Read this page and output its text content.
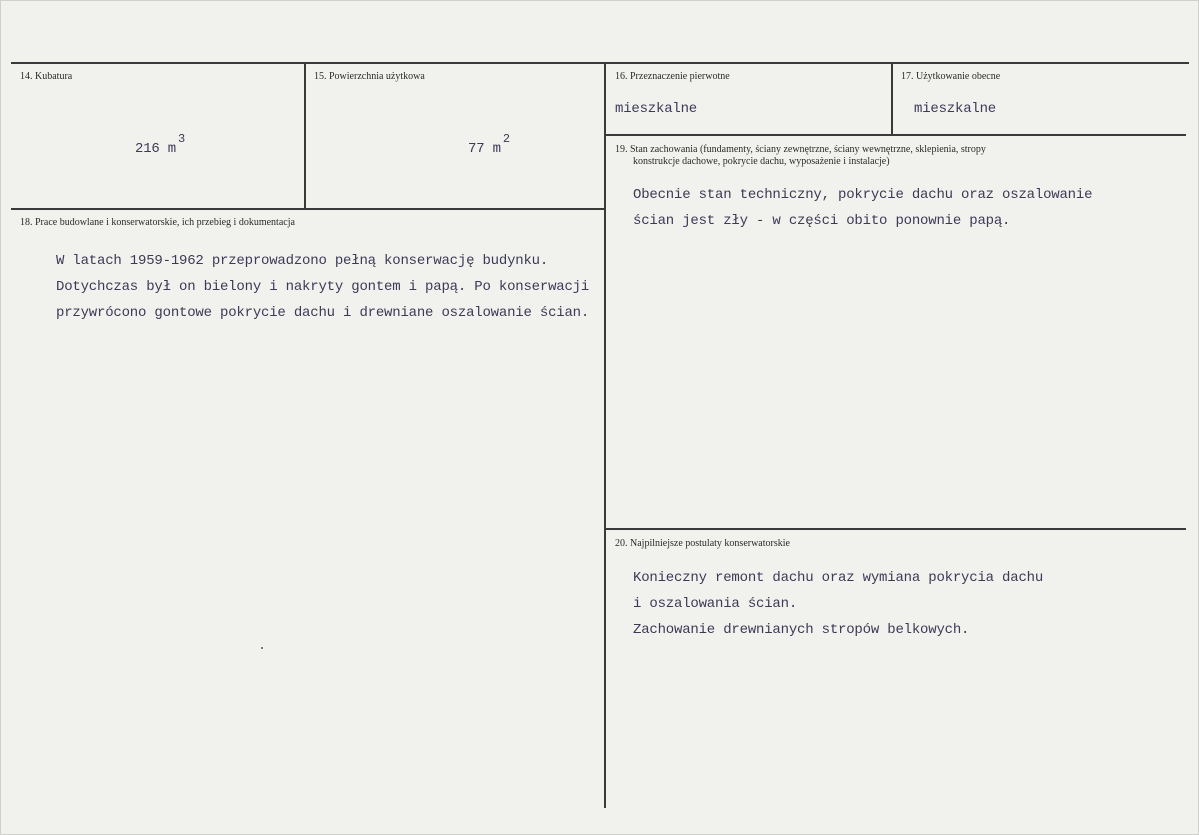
14. Kubatura
216 m3
15. Powierzchnia użytkowa
77 m2
16. Przeznaczenie pierwotne
mieszkalne
17. Użytkowanie obecne
mieszkalne
18. Prace budowlane i konserwatorskie, ich przebieg i dokumentacja
W latach 1959-1962 przeprowadzono pełną konserwację budynku.
Dotychczas był on bielony i nakryty gontem i papą. Po konserwacji
przywrócono gontowe pokrycie dachu i drewniane oszalowanie ścian.
19. Stan zachowania (fundamenty, ściany zewnętrzne, ściany wewnętrzne, sklepienia, stropy
konstrukcje dachowe, pokrycie dachu, wyposażenie i instalacje)
Obecnie stan techniczny, pokrycie dachu oraz oszalowanie
ścian jest zły - w części obito ponownie papą.
20. Najpilniejsze postulaty konserwatorskie
Konieczny remont dachu oraz wymiana pokrycia dachu
i oszalowania ścian.
Zachowanie drewnianych stropów belkowych.
